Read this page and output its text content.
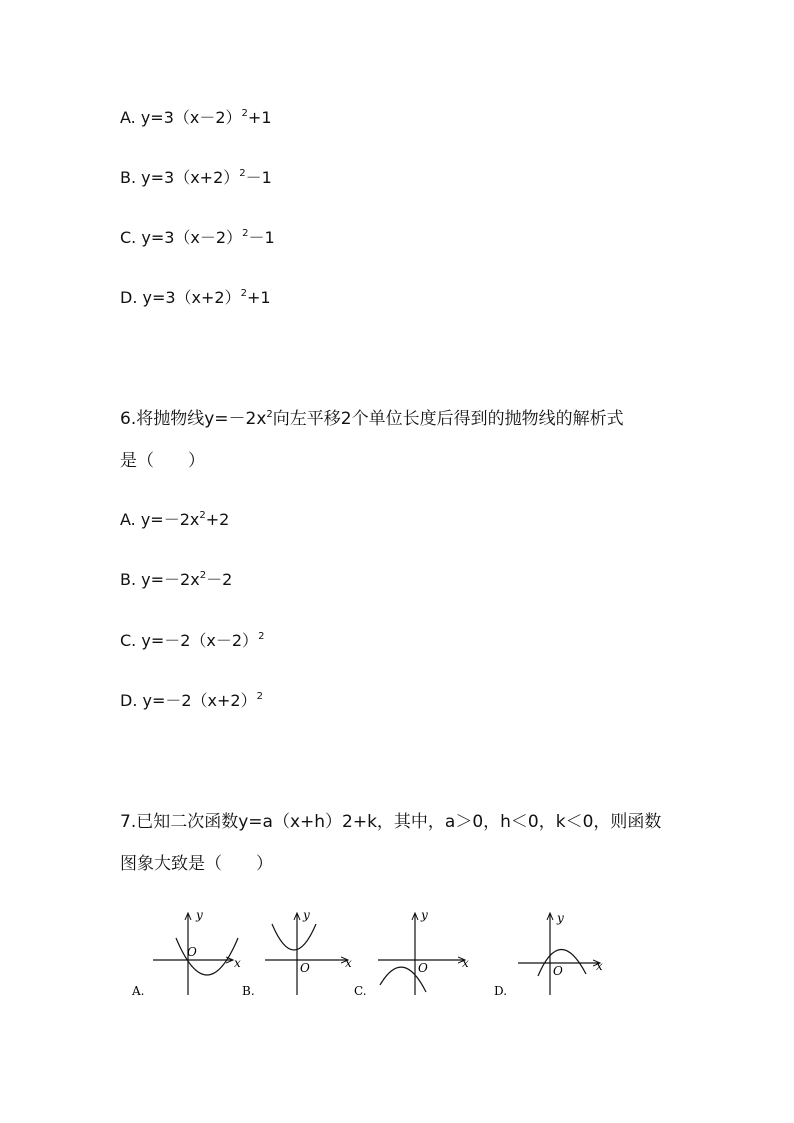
A. $y=3(x-2)^2+1$
B. $y=3(x+2)^2-1$
C. $y=3(x-2)^2-1$
D. $y=3(x+2)^2+1$
6.将抛物线$y=-2x^2$向左平移2个单位长度后得到的抛物线的解析式
是（　　）
A. $y=-2x^2+2$
B. $y=-2x^2-2$
C. $y=-2(x-2)^2$
D. $y=-2(x+2)^2$
7.已知二次函数y=a（x+h）2+k，其中，a＞0，h＜0，k＜0，则函数
图象大致是（　　）
y
x
O
A.
y
x
O
B.
y
x
O
C.
y
x
O
D.
